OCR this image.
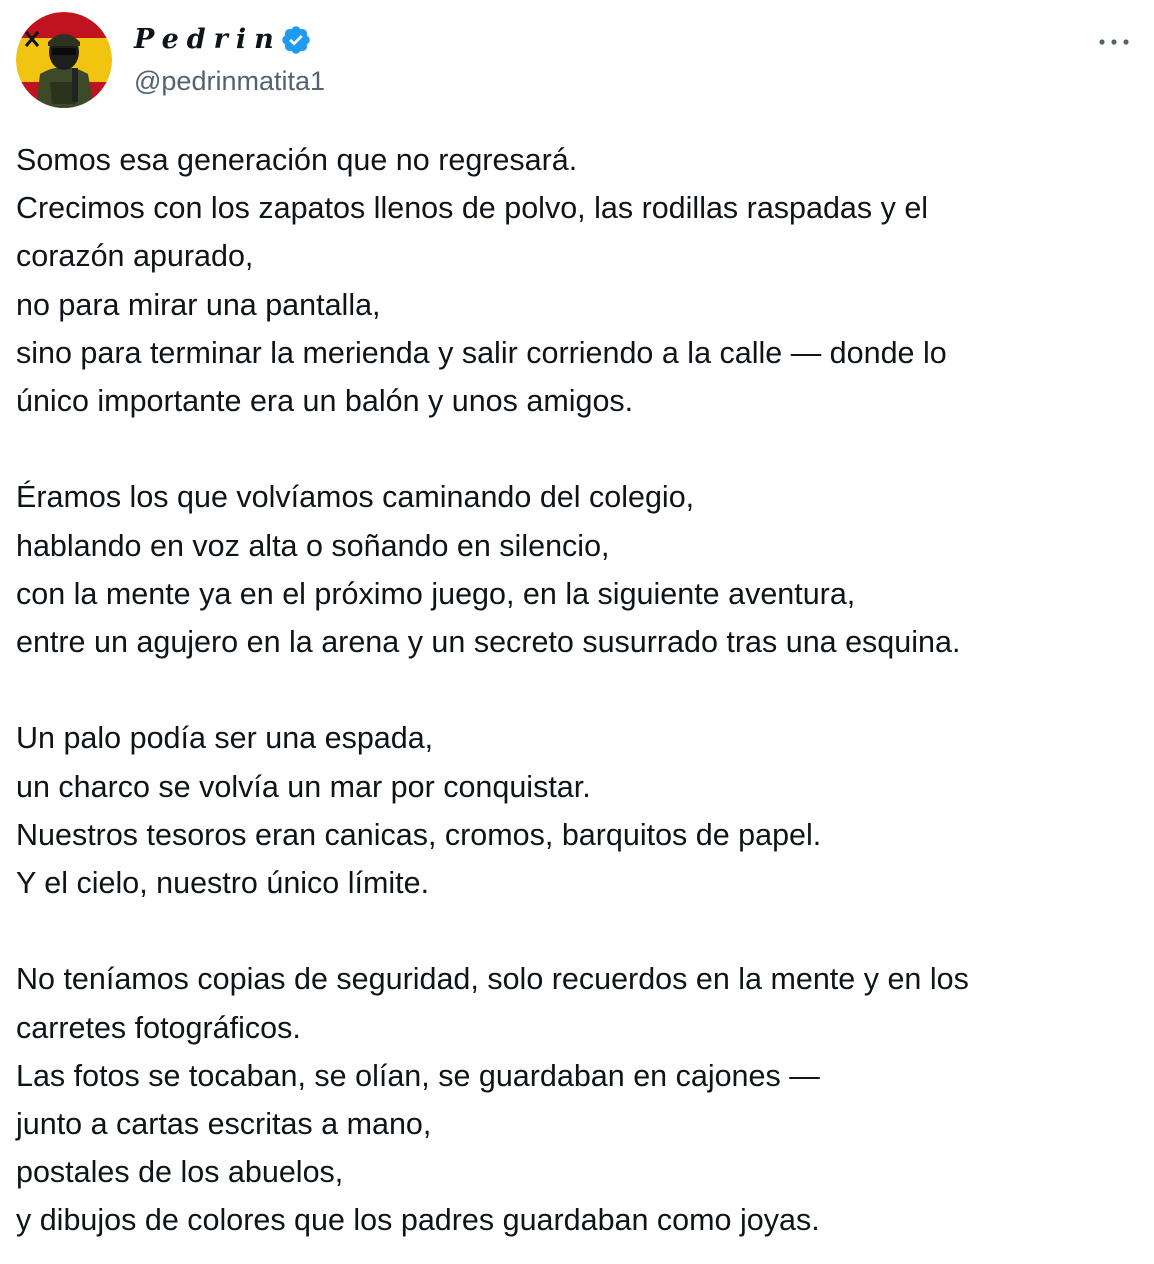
Pedrin
@pedrinmatita1

Somos esa generación que no regresará.
Crecimos con los zapatos llenos de polvo, las rodillas raspadas y el
corazón apurado,
no para mirar una pantalla,
sino para terminar la merienda y salir corriendo a la calle — donde lo
único importante era un balón y unos amigos.

Éramos los que volvíamos caminando del colegio,
hablando en voz alta o soñando en silencio,
con la mente ya en el próximo juego, en la siguiente aventura,
entre un agujero en la arena y un secreto susurrado tras una esquina.

Un palo podía ser una espada,
un charco se volvía un mar por conquistar.
Nuestros tesoros eran canicas, cromos, barquitos de papel.
Y el cielo, nuestro único límite.

No teníamos copias de seguridad, solo recuerdos en la mente y en los
carretes fotográficos.
Las fotos se tocaban, se olían, se guardaban en cajones —
junto a cartas escritas a mano,
postales de los abuelos,
y dibujos de colores que los padres guardaban como joyas.
